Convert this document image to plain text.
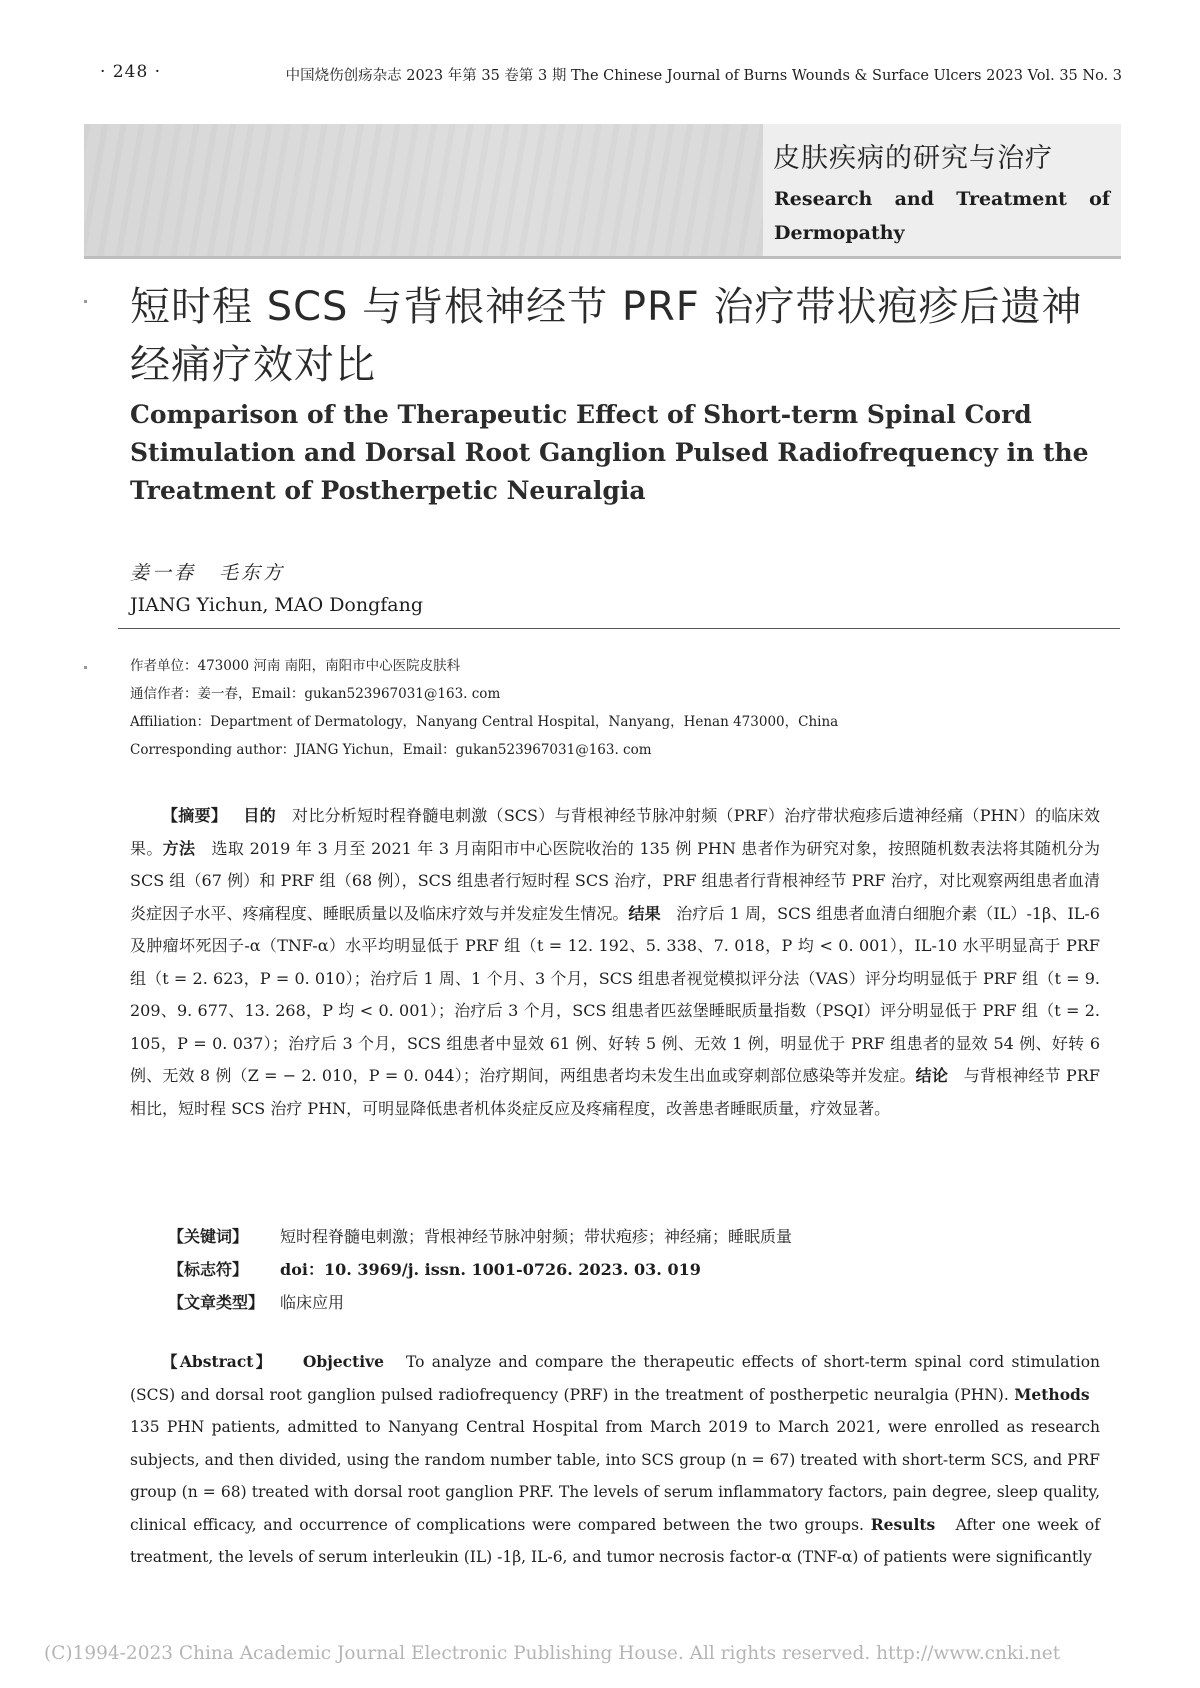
· 248 ·	中国烧伤创疡杂志 2023 年第 35 卷第 3 期 The Chinese Journal of Burns Wounds & Surface Ulcers 2023 Vol. 35 No. 3
皮肤疾病的研究与治疗
Research and Treatment of Dermopathy
短时程 SCS 与背根神经节 PRF 治疗带状疱疹后遗神经痛疗效对比
Comparison of the Therapeutic Effect of Short-term Spinal Cord Stimulation and Dorsal Root Ganglion Pulsed Radiofrequency in the Treatment of Postherpetic Neuralgia
姜一春 毛东方
JIANG Yichun, MAO Dongfang
作者单位：473000 河南 南阳，南阳市中心医院皮肤科
通信作者：姜一春，Email：gukan523967031@163. com
Affiliation：Department of Dermatology，Nanyang Central Hospital，Nanyang，Henan 473000，China
Corresponding author：JIANG Yichun，Email：gukan523967031@163. com
【摘要】 目的 对比分析短时程脊髓电刺激（SCS）与背根神经节脉冲射频（PRF）治疗带状疱疹后遗神经痛（PHN）的临床效果。方法 选取 2019 年 3 月至 2021 年 3 月南阳市中心医院收治的 135 例 PHN 患者作为研究对象，按照随机数表法将其随机分为 SCS 组（67 例）和 PRF 组（68 例），SCS 组患者行短时程 SCS 治疗，PRF 组患者行背根神经节 PRF 治疗，对比观察两组患者血清炎症因子水平、疼痛程度、睡眠质量以及临床疗效与并发症发生情况。结果 治疗后 1 周，SCS 组患者血清白细胞介素（IL）-1β、IL-6 及肿瘤坏死因子-α（TNF-α）水平均明显低于 PRF 组（t = 12. 192、5. 338、7. 018，P 均 < 0. 001），IL-10 水平明显高于 PRF 组（t = 2. 623，P = 0. 010）；治疗后 1 周、1 个月、3 个月，SCS 组患者视觉模拟评分法（VAS）评分均明显低于 PRF 组（t = 9. 209、9. 677、13. 268，P 均 < 0. 001）；治疗后 3 个月，SCS 组患者匹兹堡睡眠质量指数（PSQI）评分明显低于 PRF 组（t = 2. 105，P = 0. 037）；治疗后 3 个月，SCS 组患者中显效 61 例、好转 5 例、无效 1 例，明显优于 PRF 组患者的显效 54 例、好转 6 例、无效 8 例（Z = − 2. 010，P = 0. 044）；治疗期间，两组患者均未发生出血或穿刺部位感染等并发症。结论 与背根神经节 PRF 相比，短时程 SCS 治疗 PHN，可明显降低患者机体炎症反应及疼痛程度，改善患者睡眠质量，疗效显著。
【关键词】 短时程脊髓电刺激；背根神经节脉冲射频；带状疱疹；神经痛；睡眠质量
【标志符】 doi：10. 3969/j. issn. 1001-0726. 2023. 03. 019
【文章类型】 临床应用
【Abstract】 Objective To analyze and compare the therapeutic effects of short-term spinal cord stimulation (SCS) and dorsal root ganglion pulsed radiofrequency (PRF) in the treatment of postherpetic neuralgia (PHN). Methods   135 PHN patients, admitted to Nanyang Central Hospital from March 2019 to March 2021, were enrolled as research subjects, and then divided, using the random number table, into SCS group (n = 67) treated with short-term SCS, and PRF group (n = 68) treated with dorsal root ganglion PRF. The levels of serum inflammatory factors, pain degree, sleep quality, clinical efficacy, and occurrence of complications were compared between the two groups. Results After one week of treatment, the levels of serum interleukin (IL) -1β, IL-6, and tumor necrosis factor-α (TNF-α) of patients were significantly
(C)1994-2023 China Academic Journal Electronic Publishing House. All rights reserved. http://www.cnki.net
